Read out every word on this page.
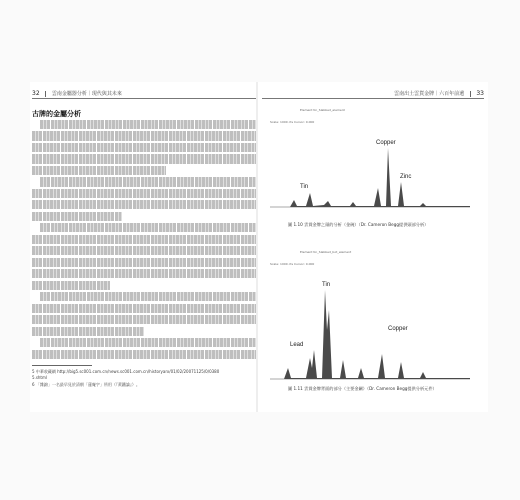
32 雲南金屬器分析｜現代與其未來
古牌的金屬分析
5 中華收藏網 http://big5.sc001.com.cn/news.sc001.com.cn/historyarx/01/02/20071125/0/0380
5.shtml
6 「雜錦」一名最早見於清朝「蓮庵字」所用（『黃鐵論』）。
雲南出土雲貨金牌｜六百年前遺 33
Element tin_Slabbed_element
Scale: 1000 cts Cursor: 0.000
Copper
Zinc
Tin
圖 1.10 雲貨金牌之頭的分析（金碗）（Dr. Cameron Begg提供頭部分析）
Element tin_Slabbed_bot_element
Scale: 1000 cts Cursor: 0.000
Tin
Lead
Copper
圖 1.11 雲貨金牌背面的部分（主要金屬）（Dr. Cameron Begg提供分析元件）
